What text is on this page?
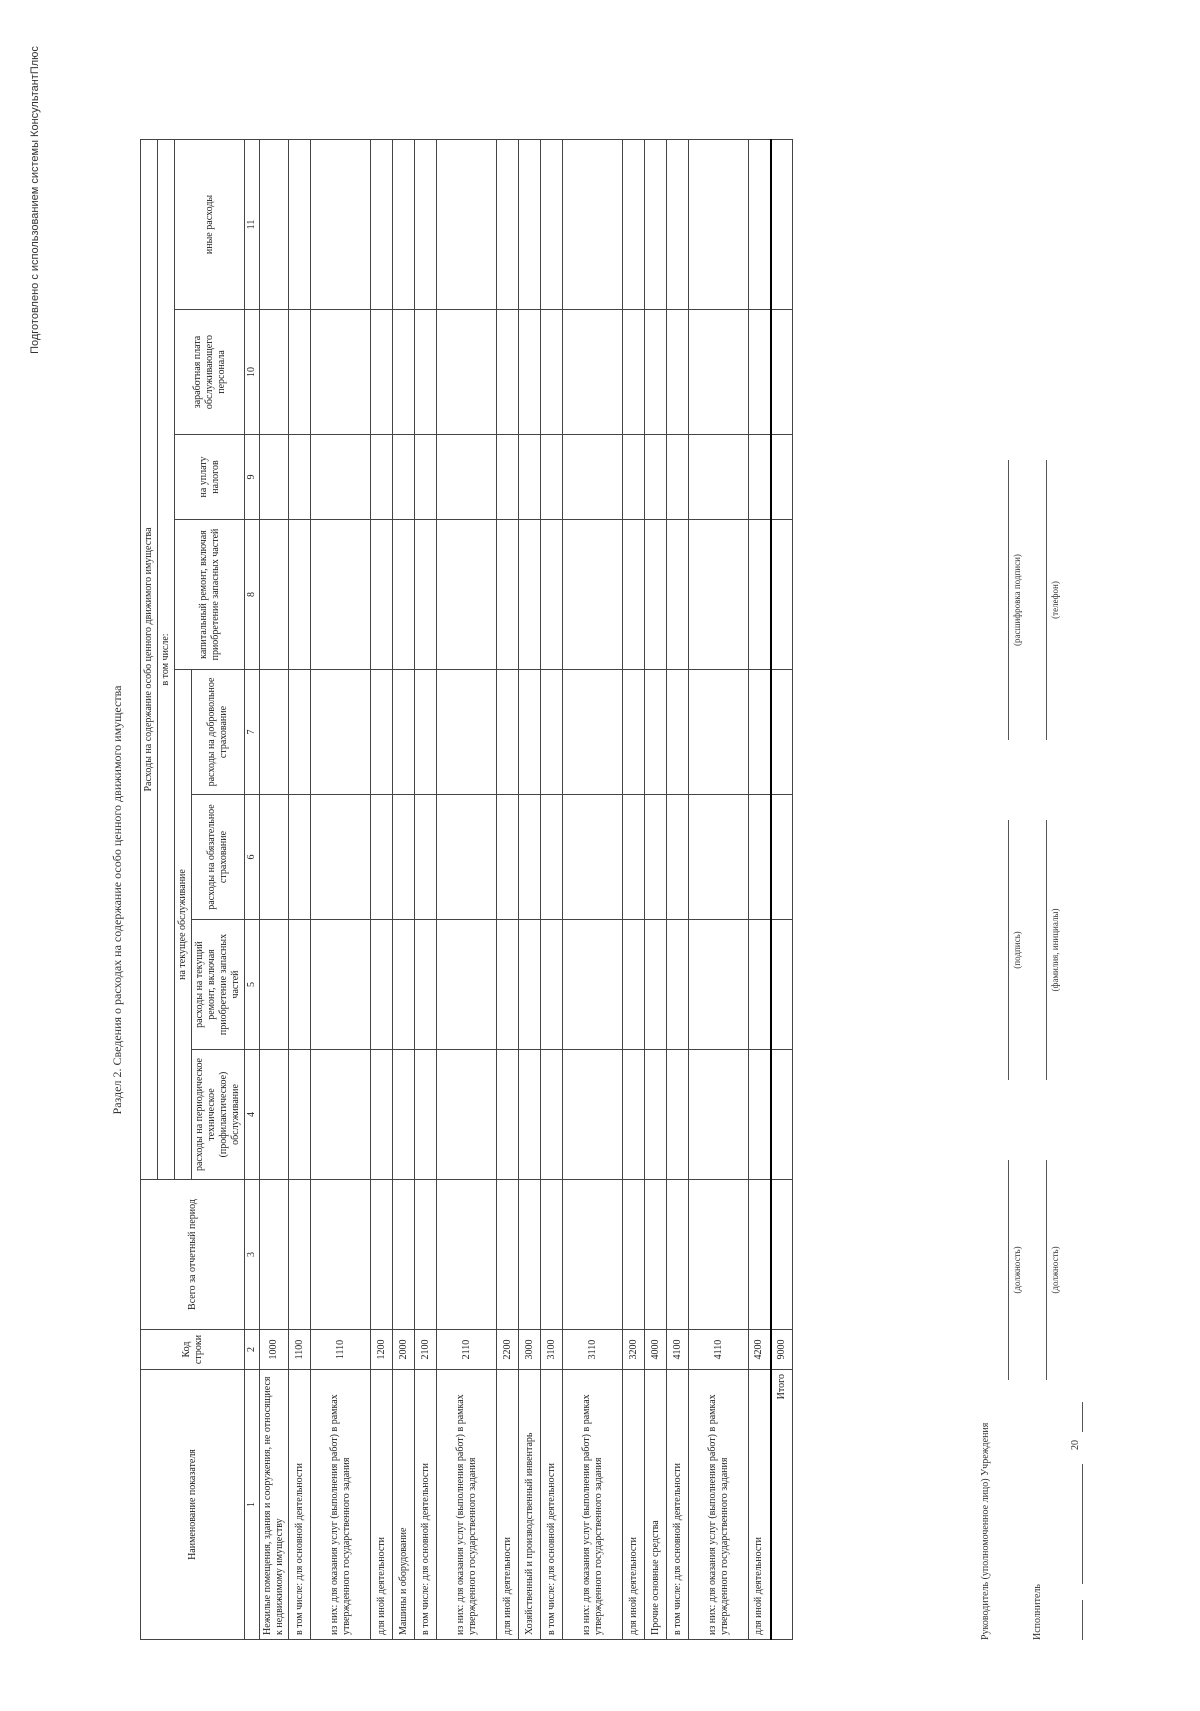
Подготовлено с использованием системы КонсультантПлюс
Раздел 2. Сведения о расходах на содержание особо ценного движимого имущества
Наименование показателя	Код строки	Всего за отчетный период	Расходы на содержание особо ценного движимого имущества							
			в том числе:							
			на текущее обслуживание				капитальный ремонт, включая приобретение запасных частей	на уплату налогов	заработная плата обслуживающего персонала	иные расходы
			расходы на периодическое техническое (профилактическое) обслуживание	расходы на текущий ремонт, включая приобретение запасных частей	расходы на обязательное страхование	расходы на добровольное страхование				
1	2	3	4	5	6	7	8	9	10	11
Нежилые помещения, здания и сооружения, не относящиеся к недвижимому имуществу	1000									
в том числе: для основной деятельности	1100									
из них: для оказания услуг (выполнения работ) в рамках утвержденного государственного задания	1110									
для иной деятельности	1200									
Машины и оборудование	2000									
в том числе: для основной деятельности	2100									
из них: для оказания услуг (выполнения работ) в рамках утвержденного государственного задания	2110									
для иной деятельности	2200									
Хозяйственный и производственный инвентарь	3000									
в том числе: для основной деятельности	3100									
из них: для оказания услуг (выполнения работ) в рамках утвержденного государственного задания	3110									
для иной деятельности	3200									
Прочие основные средства	4000									
в том числе: для основной деятельности	4100									
из них: для оказания услуг (выполнения работ) в рамках утвержденного государственного задания	4110									
для иной деятельности	4200									
Итого	9000									
Руководитель (уполномоченное лицо) Учреждения
(должность)
(подпись)
(расшифровка подписи)
Исполнитель
(должность)
(фамилия, инициалы)
(телефон)
20
